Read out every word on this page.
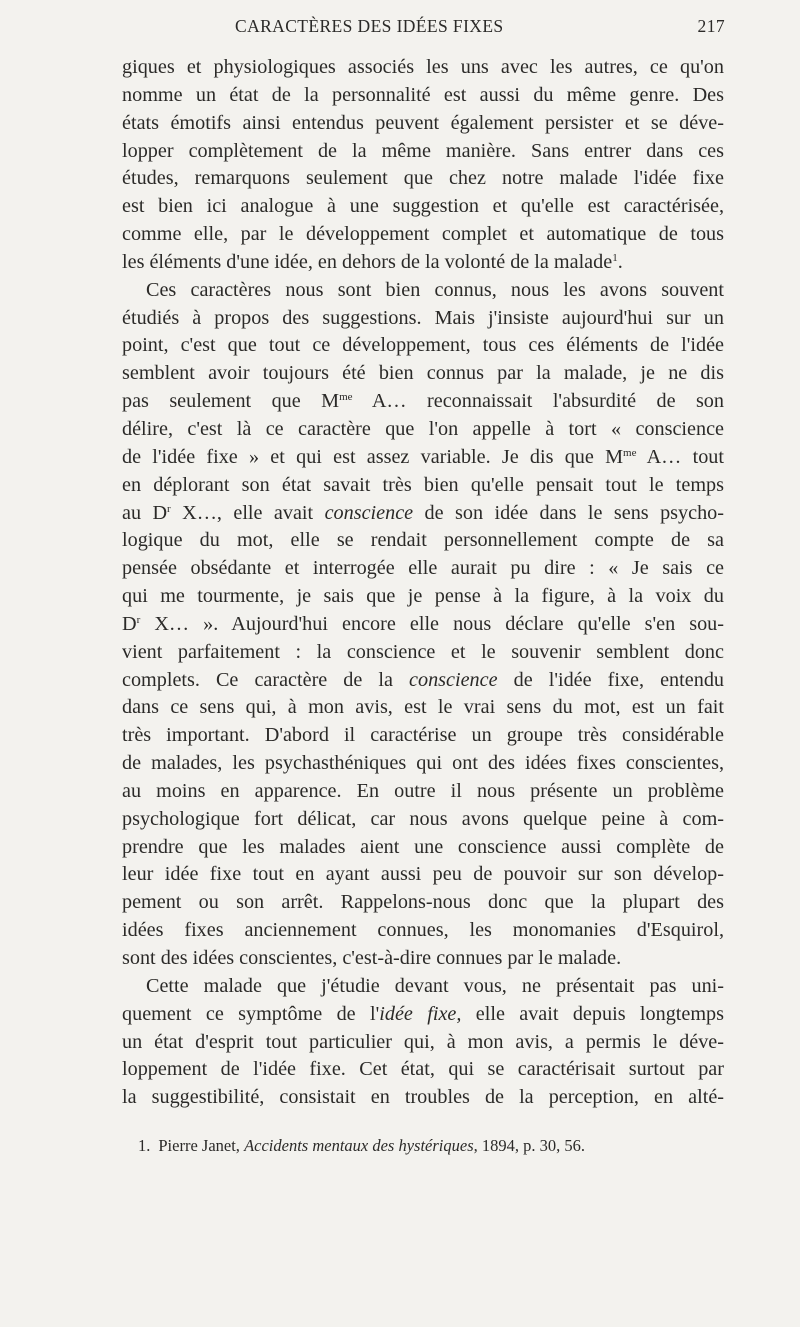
CARACTÈRES DES IDÉES FIXES	217
giques et physiologiques associés les uns avec les autres, ce qu'on
nomme un état de la personnalité est aussi du même genre. Des
états émotifs ainsi entendus peuvent également persister et se déve-
lopper complètement de la même manière. Sans entrer dans ces
études, remarquons seulement que chez notre malade l'idée fixe
est bien ici analogue à une suggestion et qu'elle est caractérisée,
comme elle, par le développement complet et automatique de tous
les éléments d'une idée, en dehors de la volonté de la malade$^1$.
Ces caractères nous sont bien connus, nous les avons souvent
étudiés à propos des suggestions. Mais j'insiste aujourd'hui sur un
point, c'est que tout ce développement, tous ces éléments de l'idée
semblent avoir toujours été bien connus par la malade, je ne dis
pas seulement que $M^{me}$ A… reconnaissait l'absurdité de son
délire, c'est là ce caractère que l'on appelle à tort « conscience
de l'idée fixe » et qui est assez variable. Je dis que $M^{me}$ A… tout
en déplorant son état savait très bien qu'elle pensait tout le temps
au $D^r$ X…, elle avait conscience de son idée dans le sens psycho-
logique du mot, elle se rendait personnellement compte de sa
pensée obsédante et interrogée elle aurait pu dire : « Je sais ce
qui me tourmente, je sais que je pense à la figure, à la voix du
$D^r$ X… ». Aujourd'hui encore elle nous déclare qu'elle s'en sou-
vient parfaitement : la conscience et le souvenir semblent donc
complets. Ce caractère de la conscience de l'idée fixe, entendu
dans ce sens qui, à mon avis, est le vrai sens du mot, est un fait
très important. D'abord il caractérise un groupe très considérable
de malades, les psychasthéniques qui ont des idées fixes conscientes,
au moins en apparence. En outre il nous présente un problème
psychologique fort délicat, car nous avons quelque peine à com-
prendre que les malades aient une conscience aussi complète de
leur idée fixe tout en ayant aussi peu de pouvoir sur son dévelop-
pement ou son arrêt. Rappelons-nous donc que la plupart des
idées fixes anciennement connues, les monomanies d'Esquirol,
sont des idées conscientes, c'est-à-dire connues par le malade.
Cette malade que j'étudie devant vous, ne présentait pas uni-
quement ce symptôme de l'idée fixe, elle avait depuis longtemps
un état d'esprit tout particulier qui, à mon avis, a permis le déve-
loppement de l'idée fixe. Cet état, qui se caractérisait surtout par
la suggestibilité, consistait en troubles de la perception, en alté-
1. Pierre Janet, Accidents mentaux des hystériques, 1894, p. 30, 56.
